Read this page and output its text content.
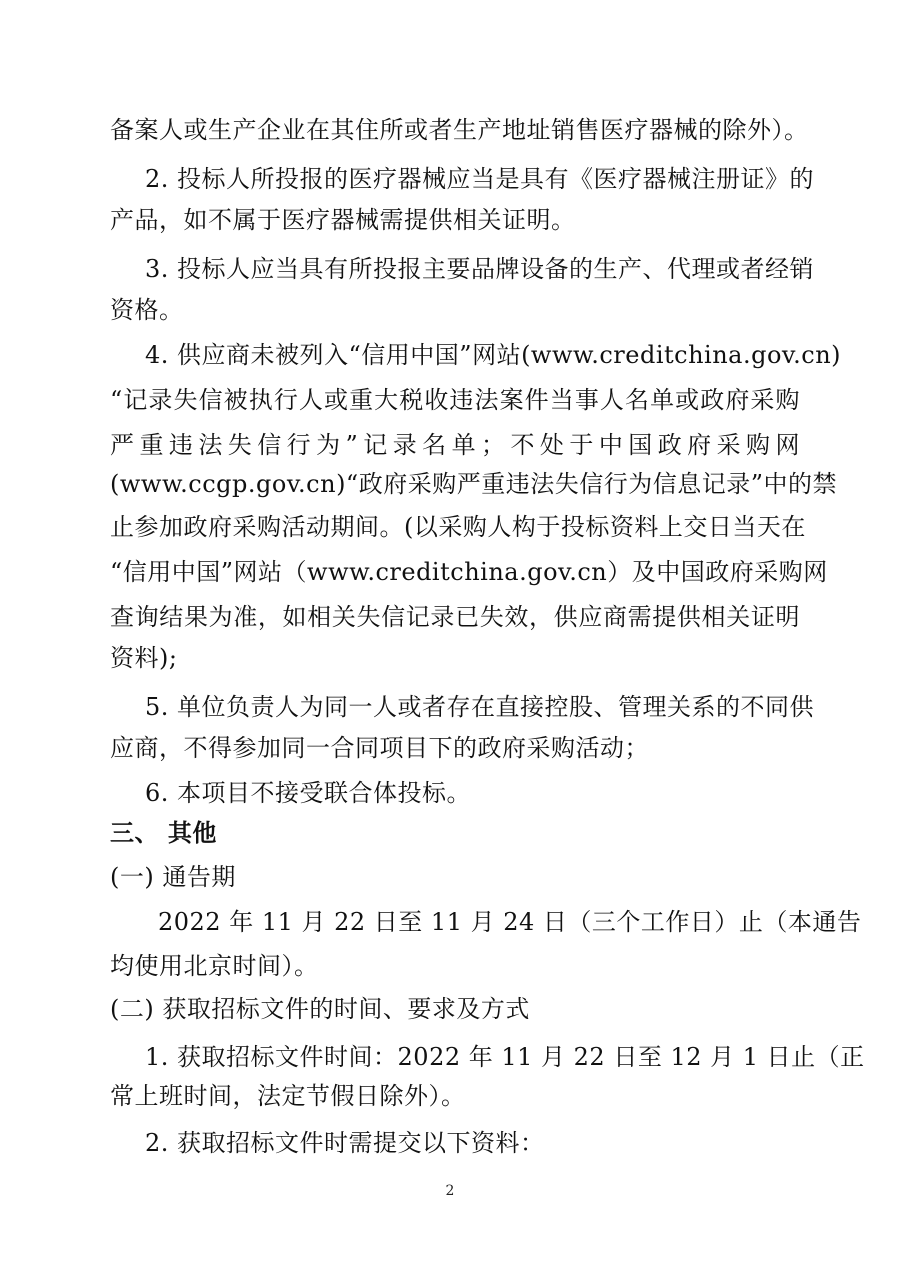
备案人或生产企业在其住所或者生产地址销售医疗器械的除外）。
2. 投标人所投报的医疗器械应当是具有《医疗器械注册证》的
产品，如不属于医疗器械需提供相关证明。
3. 投标人应当具有所投报主要品牌设备的生产、代理或者经销
资格。
4. 供应商未被列入“信用中国”网站(www.creditchina.gov.cn)
“记录失信被执行人或重大税收违法案件当事人名单或政府采购
严重违法失信行为”记录名单；不处于中国政府采购网
(www.ccgp.gov.cn)“政府采购严重违法失信行为信息记录”中的禁
止参加政府采购活动期间。(以采购人构于投标资料上交日当天在
“信用中国”网站（www.creditchina.gov.cn）及中国政府采购网
查询结果为准，如相关失信记录已失效，供应商需提供相关证明
资料);
5. 单位负责人为同一人或者存在直接控股、管理关系的不同供
应商，不得参加同一合同项目下的政府采购活动；
6. 本项目不接受联合体投标。
三、 其他
(一) 通告期
2022 年 11 月 22 日至 11 月 24 日（三个工作日）止（本通告
均使用北京时间）。
(二) 获取招标文件的时间、要求及方式
1. 获取招标文件时间：2022 年 11 月 22 日至 12 月 1 日止（正
常上班时间，法定节假日除外）。
2. 获取招标文件时需提交以下资料：
2
